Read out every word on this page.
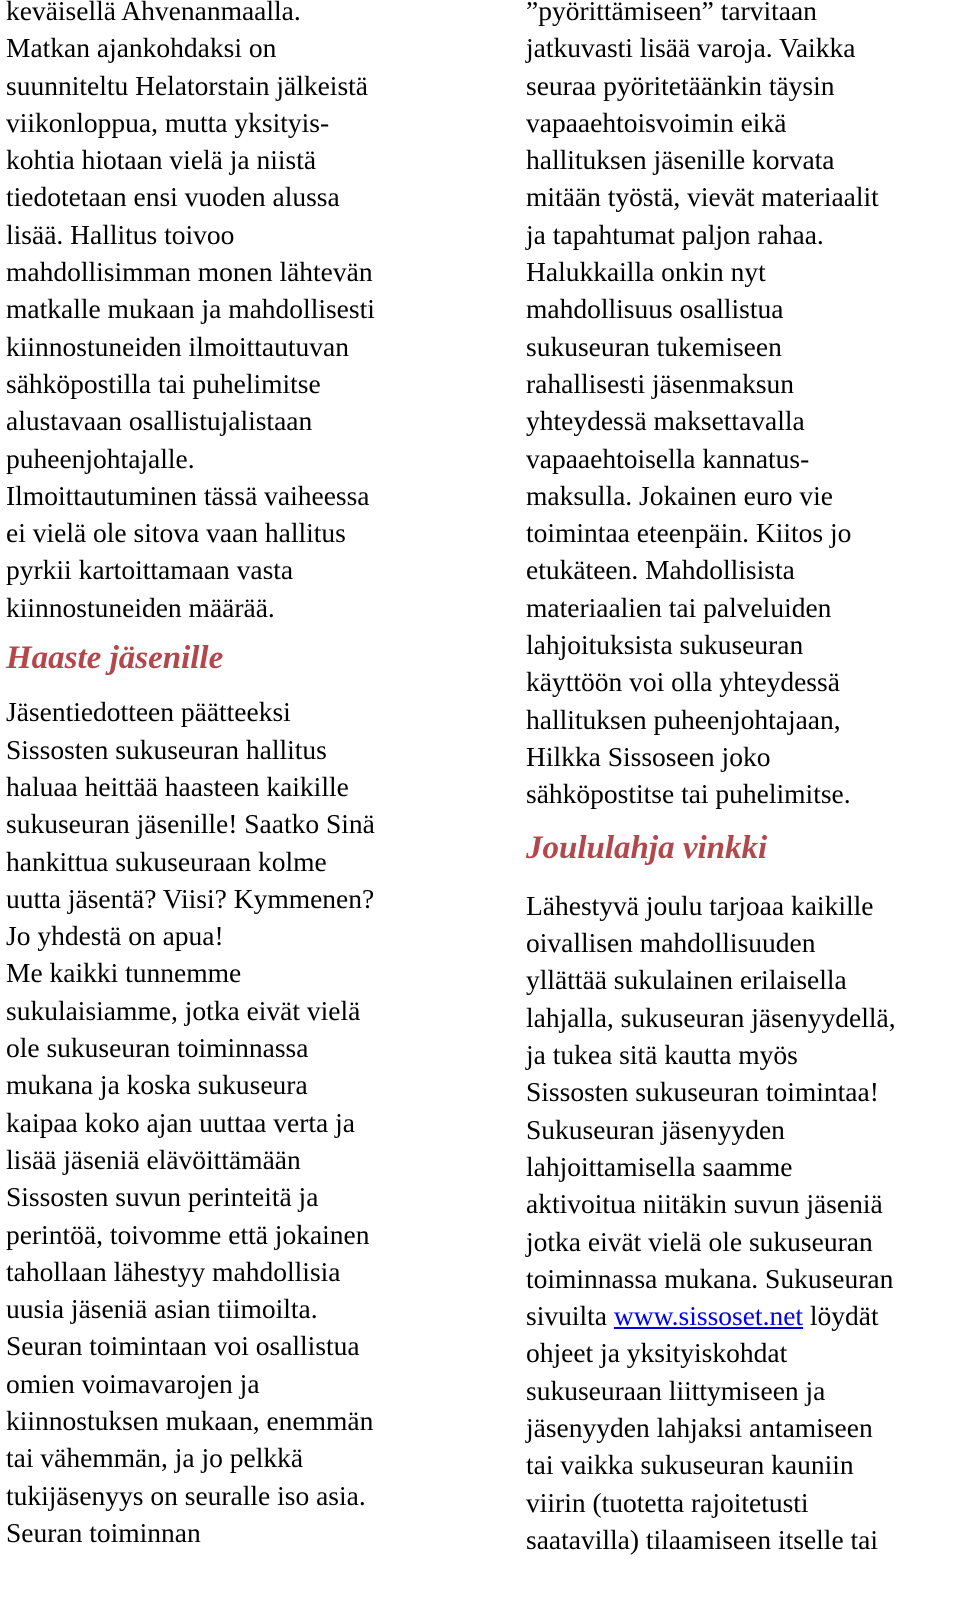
keväisellä Ahvenanmaalla.
Matkan ajankohdaksi on
suunniteltu Helatorstain jälkeistä
viikonloppua, mutta yksityis-
kohtia hiotaan vielä ja niistä
tiedotetaan ensi vuoden alussa
lisää. Hallitus toivoo
mahdollisimman monen lähtevän
matkalle mukaan ja mahdollisesti
kiinnostuneiden ilmoittautuvan
sähköpostilla tai puhelimitse
alustavaan osallistujalistaan
puheenjohtajalle.
Ilmoittautuminen tässä vaiheessa
ei vielä ole sitova vaan hallitus
pyrkii kartoittamaan vasta
kiinnostuneiden määrää.
Haaste jäsenille
Jäsentiedotteen päätteeksi
Sissosten sukuseuran hallitus
haluaa heittää haasteen kaikille
sukuseuran jäsenille! Saatko Sinä
hankittua sukuseuraan kolme
uutta jäsentä? Viisi? Kymmenen?
Jo yhdestä on apua!
Me kaikki tunnemme
sukulaisiamme, jotka eivät vielä
ole sukuseuran toiminnassa
mukana ja koska sukuseura
kaipaa koko ajan uuttaa verta ja
lisää jäseniä elävöittämään
Sissosten suvun perinteitä ja
perintöä, toivomme että jokainen
tahollaan lähestyy mahdollisia
uusia jäseniä asian tiimoilta.
Seuran toimintaan voi osallistua
omien voimavarojen ja
kiinnostuksen mukaan, enemmän
tai vähemmän, ja jo pelkkä
tukijäsenyys on seuralle iso asia.
Seuran toiminnan
”pyörittämiseen” tarvitaan
jatkuvasti lisää varoja. Vaikka
seuraa pyöritetäänkin täysin
vapaaehtoisvoimin eikä
hallituksen jäsenille korvata
mitään työstä, vievät materiaalit
ja tapahtumat paljon rahaa.
Halukkailla onkin nyt
mahdollisuus osallistua
sukuseuran tukemiseen
rahallisesti jäsenmaksun
yhteydessä maksettavalla
vapaaehtoisella kannatus-
maksulla. Jokainen euro vie
toimintaa eteenpäin. Kiitos jo
etukäteen. Mahdollisista
materiaalien tai palveluiden
lahjoituksista sukuseuran
käyttöön voi olla yhteydessä
hallituksen puheenjohtajaan,
Hilkka Sissoseen joko
sähköpostitse tai puhelimitse.
Joululahja vinkki
Lähestyvä joulu tarjoaa kaikille
oivallisen mahdollisuuden
yllättää sukulainen erilaisella
lahjalla, sukuseuran jäsenyydellä,
ja tukea sitä kautta myös
Sissosten sukuseuran toimintaa!
Sukuseuran jäsenyyden
lahjoittamisella saamme
aktivoitua niitäkin suvun jäseniä
jotka eivät vielä ole sukuseuran
toiminnassa mukana. Sukuseuran
sivuilta www.sissoset.net löydät
ohjeet ja yksityiskohdat
sukuseuraan liittymiseen ja
jäsenyyden lahjaksi antamiseen
tai vaikka sukuseuran kauniin
viirin (tuotetta rajoitetusti
saatavilla) tilaamiseen itselle tai
